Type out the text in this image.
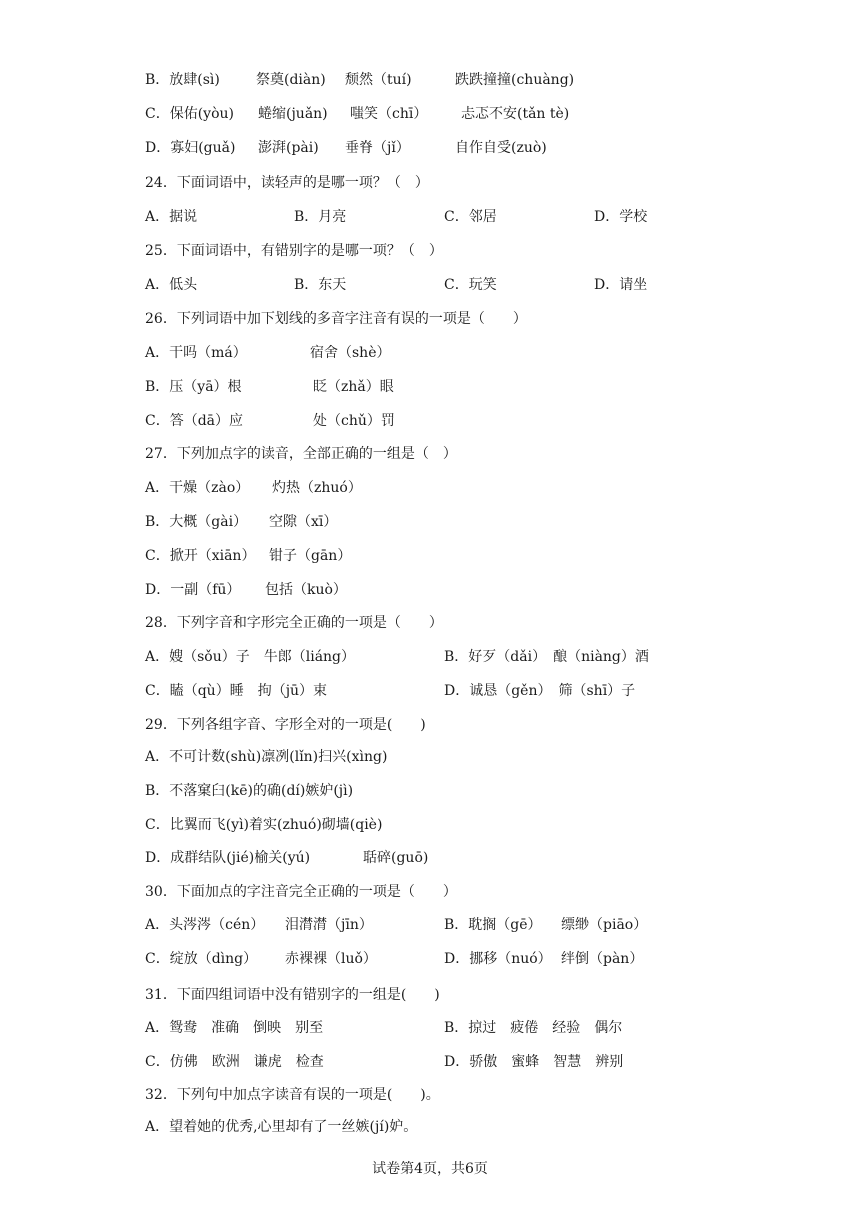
B．放肆(sì)	祭奠(diàn) 颓然（tuí)	跌跌撞撞(chuàng)
C．保佑(yòu) 蜷缩(juǎn) 嗤笑（chī） 忐忑不安(tǎn tè)
D．寡妇(guǎ) 澎湃(pài) 垂脊（jǐ）	自作自受(zuò)
24．下面词语中，读轻声的是哪一项？（　）
A．据说	B．月亮	C．邻居	D．学校
25．下面词语中，有错别字的是哪一项？（　）
A．低头	B．东天	C．玩笑	D．请坐
26．下列词语中加下划线的多音字注音有误的一项是（　　）
A．干吗（má）	宿舍（shè）
B．压（yā）根	眨（zhǎ）眼
C．答（dā）应	处（chǔ）罚
27．下列加点字的读音，全部正确的一组是（　）
A．干燥（zào） 灼热（zhuó）
B．大概（gài） 空隙（xī）
C．掀开（xiān） 钳子（gān）
D．一副（fū） 包括（kuò）
28．下列字音和字形完全正确的一项是（　　）
A．嫂（sǒu）子　牛郎（liáng）	B．好歹（dǎi）　酿（niàng）酒
C．瞌（qù）睡　拘（jū）束	D．诚恳（gěn）　筛（shī）子
29．下列各组字音、字形全对的一项是(　　)
A．不可计数(shù)凛冽(lǐn)扫兴(xìng)
B．不落窠臼(kē)的确(dí)嫉妒(jì)
C．比翼而飞(yì)着实(zhuó)砌墙(qiè)
D．成群结队(jié)榆关(yú)	聒碎(guō)
30．下面加点的字注音完全正确的一项是（　　）
A．头涔涔（cén） 泪潸潸（jīn）	B．耽搁（gē） 缥缈（piāo）
C．绽放（dìng） 赤裸裸（luǒ）	D．挪移（nuó） 绊倒（pàn）
31．下面四组词语中没有错别字的一组是(　　)
A．鸳鸯　准确　倒映　别至	B．掠过　疲倦　经验　偶尔
C．仿佛　欧洲　谦虎　检查	D．骄傲　蜜蜂　智慧　辨别
32．下列句中加点字读音有误的一项是(　　)。
A．望着她的优秀,心里却有了一丝嫉(jí)妒。
试卷第4页，共6页
